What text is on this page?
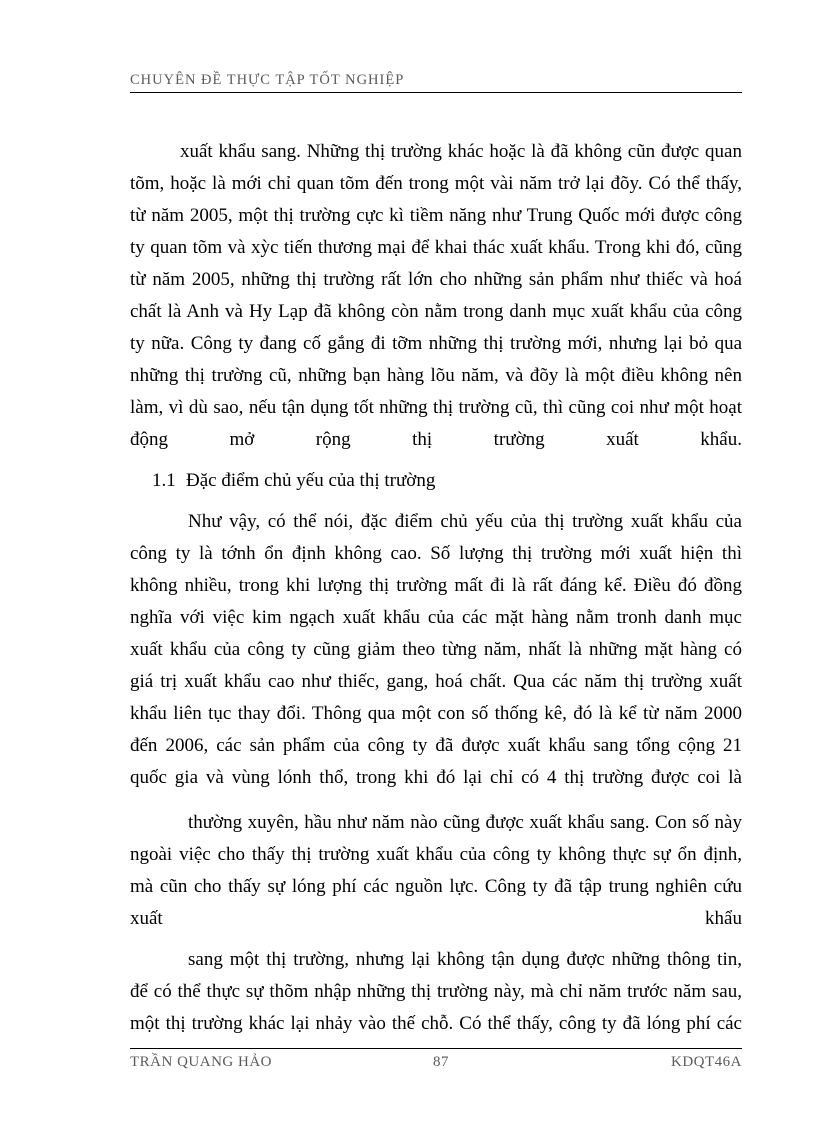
CHUYÊN ĐỀ THỰC TẬP TỐT NGHIỆP
xuất khẩu sang. Những thị trường khác hoặc là đã không cũn được quan
tõm, hoặc là mới chỉ quan tõm đến trong một vài năm trở lại đõy. Có thể thấy,
từ năm 2005, một thị trường cực kì tiềm năng như Trung Quốc mới được công
ty quan tõm và xỳc tiến thương mại để khai thác xuất khẩu. Trong khi đó, cũng
từ năm 2005, những thị trường rất lớn cho những sản phẩm như thiếc và hoá
chất là Anh và Hy Lạp đã không còn nằm trong danh mục xuất khẩu của công
ty nữa. Công ty đang cố gắng đi tỡm những thị trường mới, nhưng lại bỏ qua
những thị trường cũ, những bạn hàng lõu năm, và đõy là một điều không nên
làm, vì dù sao, nếu tận dụng tốt những thị trường cũ, thì cũng coi như một hoạt
động mở rộng thị trường xuất khẩu.
1.1 Đặc điểm chủ yếu của thị trường
Như vậy, có thể nói, đặc điểm chủ yếu của thị trường xuất khẩu của
công ty là tớnh ổn định không cao. Số lượng thị trường mới xuất hiện thì
không nhiều, trong khi lượng thị trường mất đi là rất đáng kể. Điều đó đồng
nghĩa với việc kim ngạch xuất khẩu của các mặt hàng nằm tronh danh mục
xuất khẩu của công ty cũng giảm theo từng năm, nhất là những mặt hàng có
giá trị xuất khẩu cao như thiếc, gang, hoá chất. Qua các năm thị trường xuất
khẩu liên tục thay đổi. Thông qua một con số thống kê, đó là kể từ năm 2000
đến 2006, các sản phẩm của công ty đã được xuất khẩu sang tổng cộng 21
quốc gia và vùng lónh thổ, trong khi đó lại chỉ có 4 thị trường được coi là
thường xuyên, hầu như năm nào cũng được xuất khẩu sang. Con số này
ngoài việc cho thấy thị trường xuất khẩu của công ty không thực sự ổn định,
mà cũn cho thấy sự lóng phí các nguồn lực. Công ty đã tập trung nghiên cứu
xuất khẩu
sang một thị trường, nhưng lại không tận dụng được những thông tin,
để có thể thực sự thõm nhập những thị trường này, mà chỉ năm trước năm sau,
một thị trường khác lại nhảy vào thế chỗ. Có thể thấy, công ty đã lóng phí các
TRẦN QUANG HẢO	87	KDQT46A
